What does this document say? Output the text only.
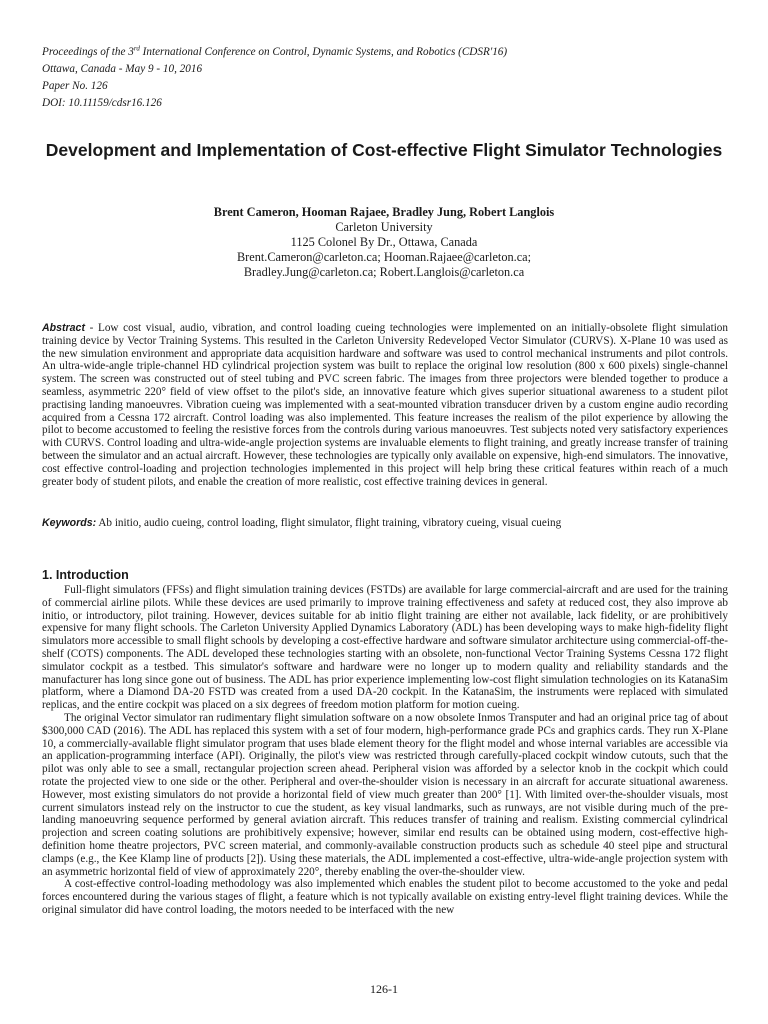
Proceedings of the 3rd International Conference on Control, Dynamic Systems, and Robotics (CDSR'16)
Ottawa, Canada - May 9 - 10, 2016
Paper No. 126
DOI: 10.11159/cdsr16.126
Development and Implementation of Cost-effective Flight Simulator Technologies
Brent Cameron, Hooman Rajaee, Bradley Jung, Robert Langlois
Carleton University
1125 Colonel By Dr., Ottawa, Canada
Brent.Cameron@carleton.ca; Hooman.Rajaee@carleton.ca;
Bradley.Jung@carleton.ca; Robert.Langlois@carleton.ca
Abstract - Low cost visual, audio, vibration, and control loading cueing technologies were implemented on an initially-obsolete flight simulation training device by Vector Training Systems. This resulted in the Carleton University Redeveloped Vector Simulator (CURVS). X-Plane 10 was used as the new simulation environment and appropriate data acquisition hardware and software was used to control mechanical instruments and pilot controls. An ultra-wide-angle triple-channel HD cylindrical projection system was built to replace the original low resolution (800 x 600 pixels) single-channel system. The screen was constructed out of steel tubing and PVC screen fabric. The images from three projectors were blended together to produce a seamless, asymmetric 220° field of view offset to the pilot's side, an innovative feature which gives superior situational awareness to a student pilot practising landing manoeuvres. Vibration cueing was implemented with a seat-mounted vibration transducer driven by a custom engine audio recording acquired from a Cessna 172 aircraft. Control loading was also implemented. This feature increases the realism of the pilot experience by allowing the pilot to become accustomed to feeling the resistive forces from the controls during various manoeuvres. Test subjects noted very satisfactory experiences with CURVS. Control loading and ultra-wide-angle projection systems are invaluable elements to flight training, and greatly increase transfer of training between the simulator and an actual aircraft. However, these technologies are typically only available on expensive, high-end simulators. The innovative, cost effective control-loading and projection technologies implemented in this project will help bring these critical features within reach of a much greater body of student pilots, and enable the creation of more realistic, cost effective training devices in general.
Keywords: Ab initio, audio cueing, control loading, flight simulator, flight training, vibratory cueing, visual cueing
1. Introduction

Full-flight simulators (FFSs) and flight simulation training devices (FSTDs) are available for large commercial-aircraft and are used for the training of commercial airline pilots. While these devices are used primarily to improve training effectiveness and safety at reduced cost, they also improve ab initio, or introductory, pilot training. However, devices suitable for ab initio flight training are either not available, lack fidelity, or are prohibitively expensive for many flight schools. The Carleton University Applied Dynamics Laboratory (ADL) has been developing ways to make high-fidelity flight simulators more accessible to small flight schools by developing a cost-effective hardware and software simulator architecture using commercial-off-the-shelf (COTS) components. The ADL developed these technologies starting with an obsolete, non-functional Vector Training Systems Cessna 172 flight simulator cockpit as a testbed. This simulator's software and hardware were no longer up to modern quality and reliability standards and the manufacturer has long since gone out of business. The ADL has prior experience implementing low-cost flight simulation technologies on its KatanaSim platform, where a Diamond DA-20 FSTD was created from a used DA-20 cockpit. In the KatanaSim, the instruments were replaced with simulated replicas, and the entire cockpit was placed on a six degrees of freedom motion platform for motion cueing.

The original Vector simulator ran rudimentary flight simulation software on a now obsolete Inmos Transputer and had an original price tag of about $300,000 CAD (2016). The ADL has replaced this system with a set of four modern, high-performance grade PCs and graphics cards. They run X-Plane 10, a commercially-available flight simulator program that uses blade element theory for the flight model and whose internal variables are accessible via an application-programming interface (API). Originally, the pilot's view was restricted through carefully-placed cockpit window cutouts, such that the pilot was only able to see a small, rectangular projection screen ahead. Peripheral vision was afforded by a selector knob in the cockpit which could rotate the projected view to one side or the other. Peripheral and over-the-shoulder vision is necessary in an aircraft for accurate situational awareness. However, most existing simulators do not provide a horizontal field of view much greater than 200° [1]. With limited over-the-shoulder visuals, most current simulators instead rely on the instructor to cue the student, as key visual landmarks, such as runways, are not visible during much of the pre-landing manoeuvring sequence performed by general aviation aircraft. This reduces transfer of training and realism. Existing commercial cylindrical projection and screen coating solutions are prohibitively expensive; however, similar end results can be obtained using modern, cost-effective high-definition home theatre projectors, PVC screen material, and commonly-available construction products such as schedule 40 steel pipe and structural clamps (e.g., the Kee Klamp line of products [2]). Using these materials, the ADL implemented a cost-effective, ultra-wide-angle projection system with an asymmetric horizontal field of view of approximately 220°, thereby enabling the over-the-shoulder view.

A cost-effective control-loading methodology was also implemented which enables the student pilot to become accustomed to the yoke and pedal forces encountered during the various stages of flight, a feature which is not typically available on existing entry-level flight training devices. While the original simulator did have control loading, the motors needed to be interfaced with the new

126-1
